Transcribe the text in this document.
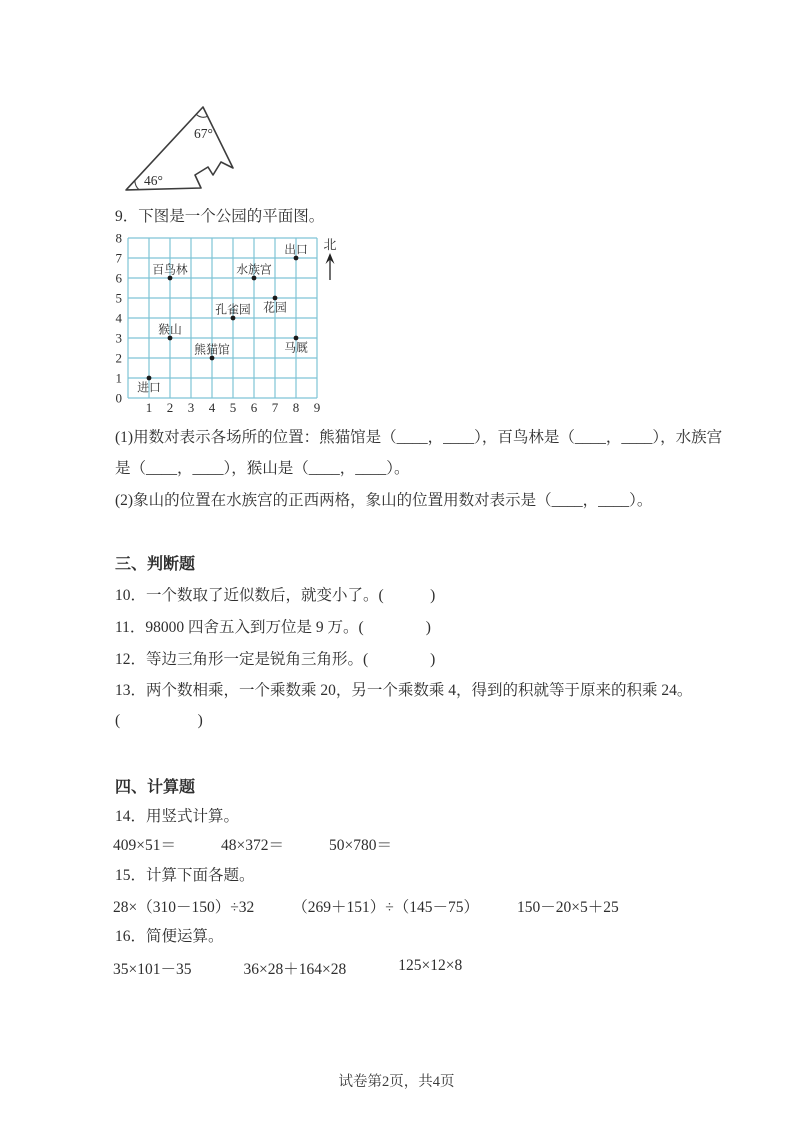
67°
46°
9．下图是一个公园的平面图。
0
1
2
3
4
5
6
7
8
1 2 3 4 5 6 7 8 9
进口
熊猫馆
猴山
马厩
孔雀园 花园
百鸟林	水族宫
出口 北
(1)用数对表示各场所的位置：熊猫馆是（____，____），百鸟林是（____，____），水族宫
是（____，____），猴山是（____，____）。
(2)象山的位置在水族宫的正西两格，象山的位置用数对表示是（____，____）。
三、判断题
10．一个数取了近似数后，就变小了。(　　　)
11．98000 四舍五入到万位是 9 万。(　　　　)
12．等边三角形一定是锐角三角形。(　　　　)
13．两个数相乘，一个乘数乘 20，另一个乘数乘 4，得到的积就等于原来的积乘 24。
(　　　　　)
四、计算题
14．用竖式计算。
409×51＝	48×372＝	50×780＝
15．计算下面各题。
28×（310－150）÷32 （269＋151）÷（145－75） 150－20×5＋25
16．简便运算。
35×101－35	36×28＋164×28	125×12×8
试卷第2页，共4页
